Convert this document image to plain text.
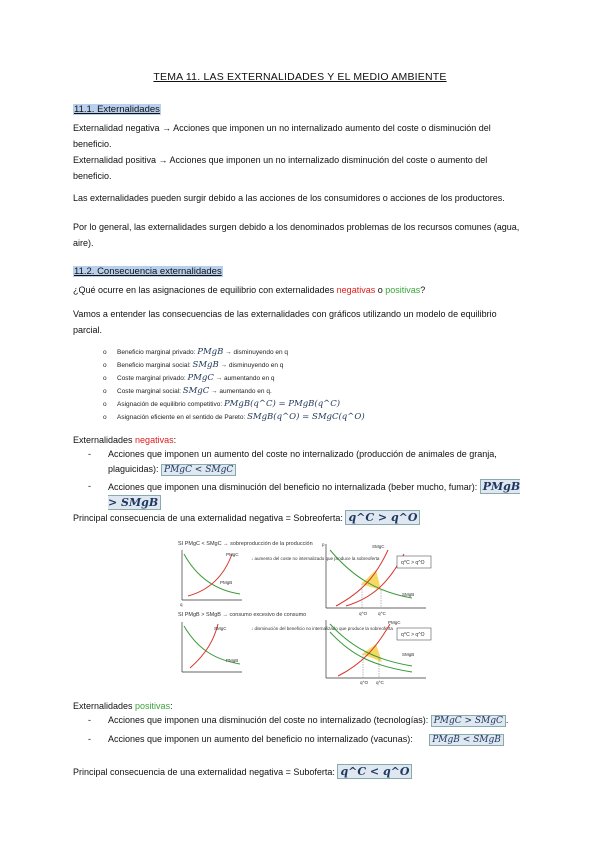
TEMA 11. LAS EXTERNALIDADES Y EL MEDIO AMBIENTE
11.1. Externalidades
Externalidad negativa → Acciones que imponen un no internalizado aumento del coste o disminución del
beneficio.
Externalidad positiva → Acciones que imponen un no internalizado disminución del coste o aumento del
beneficio.
Las externalidades pueden surgir debido a las acciones de los consumidores o acciones de los productores.
Por lo general, las externalidades surgen debido a los denominados problemas de los recursos comunes (agua,
aire).
11.2. Consecuencia externalidades
¿Qué ocurre en las asignaciones de equilibrio con externalidades negativas o positivas?
Vamos a entender las consecuencias de las externalidades con gráficos utilizando un modelo de equilibrio
parcial.
o Beneficio marginal privado: PMgB → disminuyendo en q
o Beneficio marginal social: SMgB → disminuyendo en q
o Coste marginal privado: PMgC → aumentando en q
o Coste marginal social: SMgC → aumentando en q.
o Asignación de equilibrio competitivo: PMgB(q^C) = PMgB(q^C)
o Asignación eficiente en el sentido de Pareto: SMgB(q^O) = SMgC(q^O)
Externalidades negativas:
-	Acciones que imponen un aumento del coste no internalizado (producción de animales de granja,
plaguicidas): PMgC < SMgC
-	Acciones que imponen una disminución del beneficio no internalizada (beber mucho, fumar): PMgB > SMgB
Principal consecuencia de una externalidad negativa = Sobreoferta: q^C > q^O
SI PMgC < SMgC → sobreproducción de la producción
PMgB
PMgC
q
↓ aumento del coste no internalizado que produce la sobreoferta
SMgC
SMgB
q^O q^C
q^C > q^O
p
SI PMgB > SMgB → consumo excesivo de consumo
SMgC
PMgB
↓ disminución del beneficio no internalizado que produce la sobreoferta
PMgC
SMgB
q^O q^C
q^C > q^O
Externalidades positivas:
-	Acciones que imponen una disminución del coste no internalizado (tecnologías): PMgC > SMgC .
-	Acciones que imponen un aumento del beneficio no internalizado (vacunas): PMgB < SMgB
Principal consecuencia de una externalidad negativa = Suboferta: q^C < q^O
